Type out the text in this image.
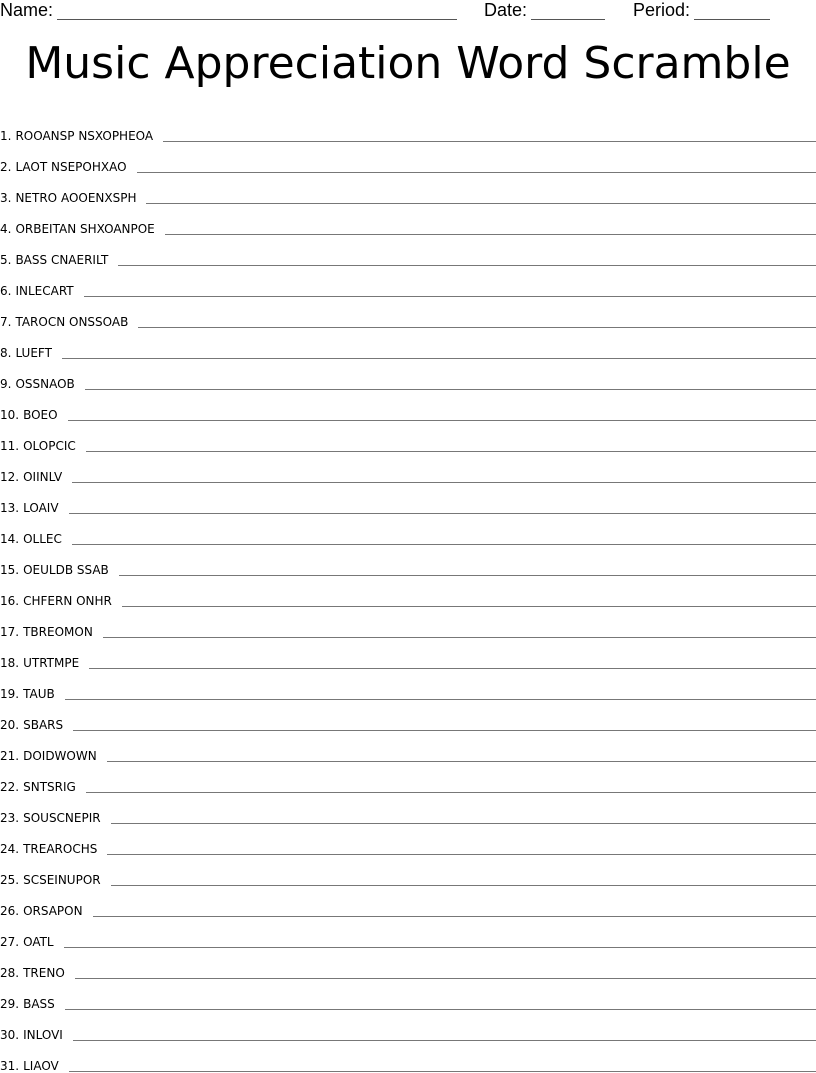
Name:	Date:	Period:
Music Appreciation Word Scramble
1. ROOANSP NSXOPHEOA
2. LAOT NSEPOHXAO
3. NETRO AOOENXSPH
4. ORBEITAN SHXOANPOE
5. BASS CNAERILT
6. INLECART
7. TAROCN ONSSOAB
8. LUEFT
9. OSSNAOB
10. BOEO
11. OLOPCIC
12. OIINLV
13. LOAIV
14. OLLEC
15. OEULDB SSAB
16. CHFERN ONHR
17. TBREOMON
18. UTRTMPE
19. TAUB
20. SBARS
21. DOIDWOWN
22. SNTSRIG
23. SOUSCNEPIR
24. TREAROCHS
25. SCSEINUPOR
26. ORSAPON
27. OATL
28. TRENO
29. BASS
30. INLOVI
31. LIAOV
